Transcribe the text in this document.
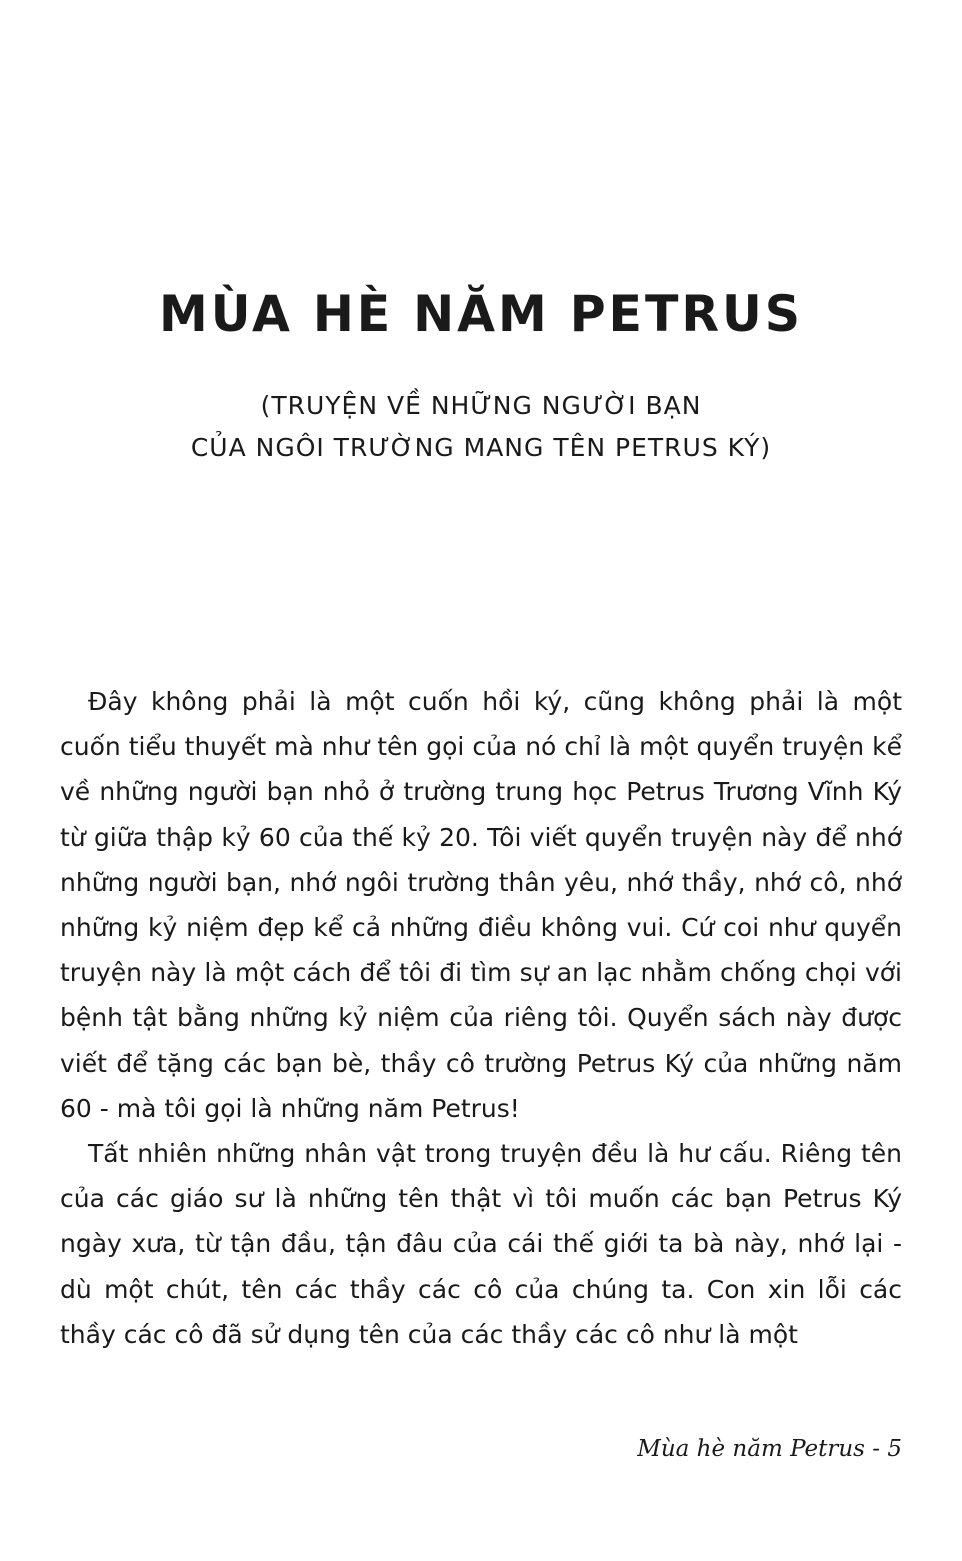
MÙA HÈ NĂM PETRUS
(TRUYỆN VỀ NHỮNG NGƯỜI BẠN
CỦA NGÔI TRƯỜNG MANG TÊN PETRUS KÝ)

Đây không phải là một cuốn hồi ký, cũng không phải là một cuốn tiểu thuyết mà như tên gọi của nó chỉ là một quyển truyện kể về những người bạn nhỏ ở trường trung học Petrus Trương Vĩnh Ký từ giữa thập kỷ 60 của thế kỷ 20. Tôi viết quyển truyện này để nhớ những người bạn, nhớ ngôi trường thân yêu, nhớ thầy, nhớ cô, nhớ những kỷ niệm đẹp kể cả những điều không vui. Cứ coi như quyển truyện này là một cách để tôi đi tìm sự an lạc nhằm chống chọi với bệnh tật bằng những kỷ niệm của riêng tôi. Quyển sách này được viết để tặng các bạn bè, thầy cô trường Petrus Ký của những năm 60 - mà tôi gọi là những năm Petrus!

Tất nhiên những nhân vật trong truyện đều là hư cấu. Riêng tên của các giáo sư là những tên thật vì tôi muốn các bạn Petrus Ký ngày xưa, từ tận đầu, tận đâu của cái thế giới ta bà này, nhớ lại - dù một chút, tên các thầy các cô của chúng ta. Con xin lỗi các thầy các cô đã sử dụng tên của các thầy các cô như là một

Mùa hè năm Petrus - 5
